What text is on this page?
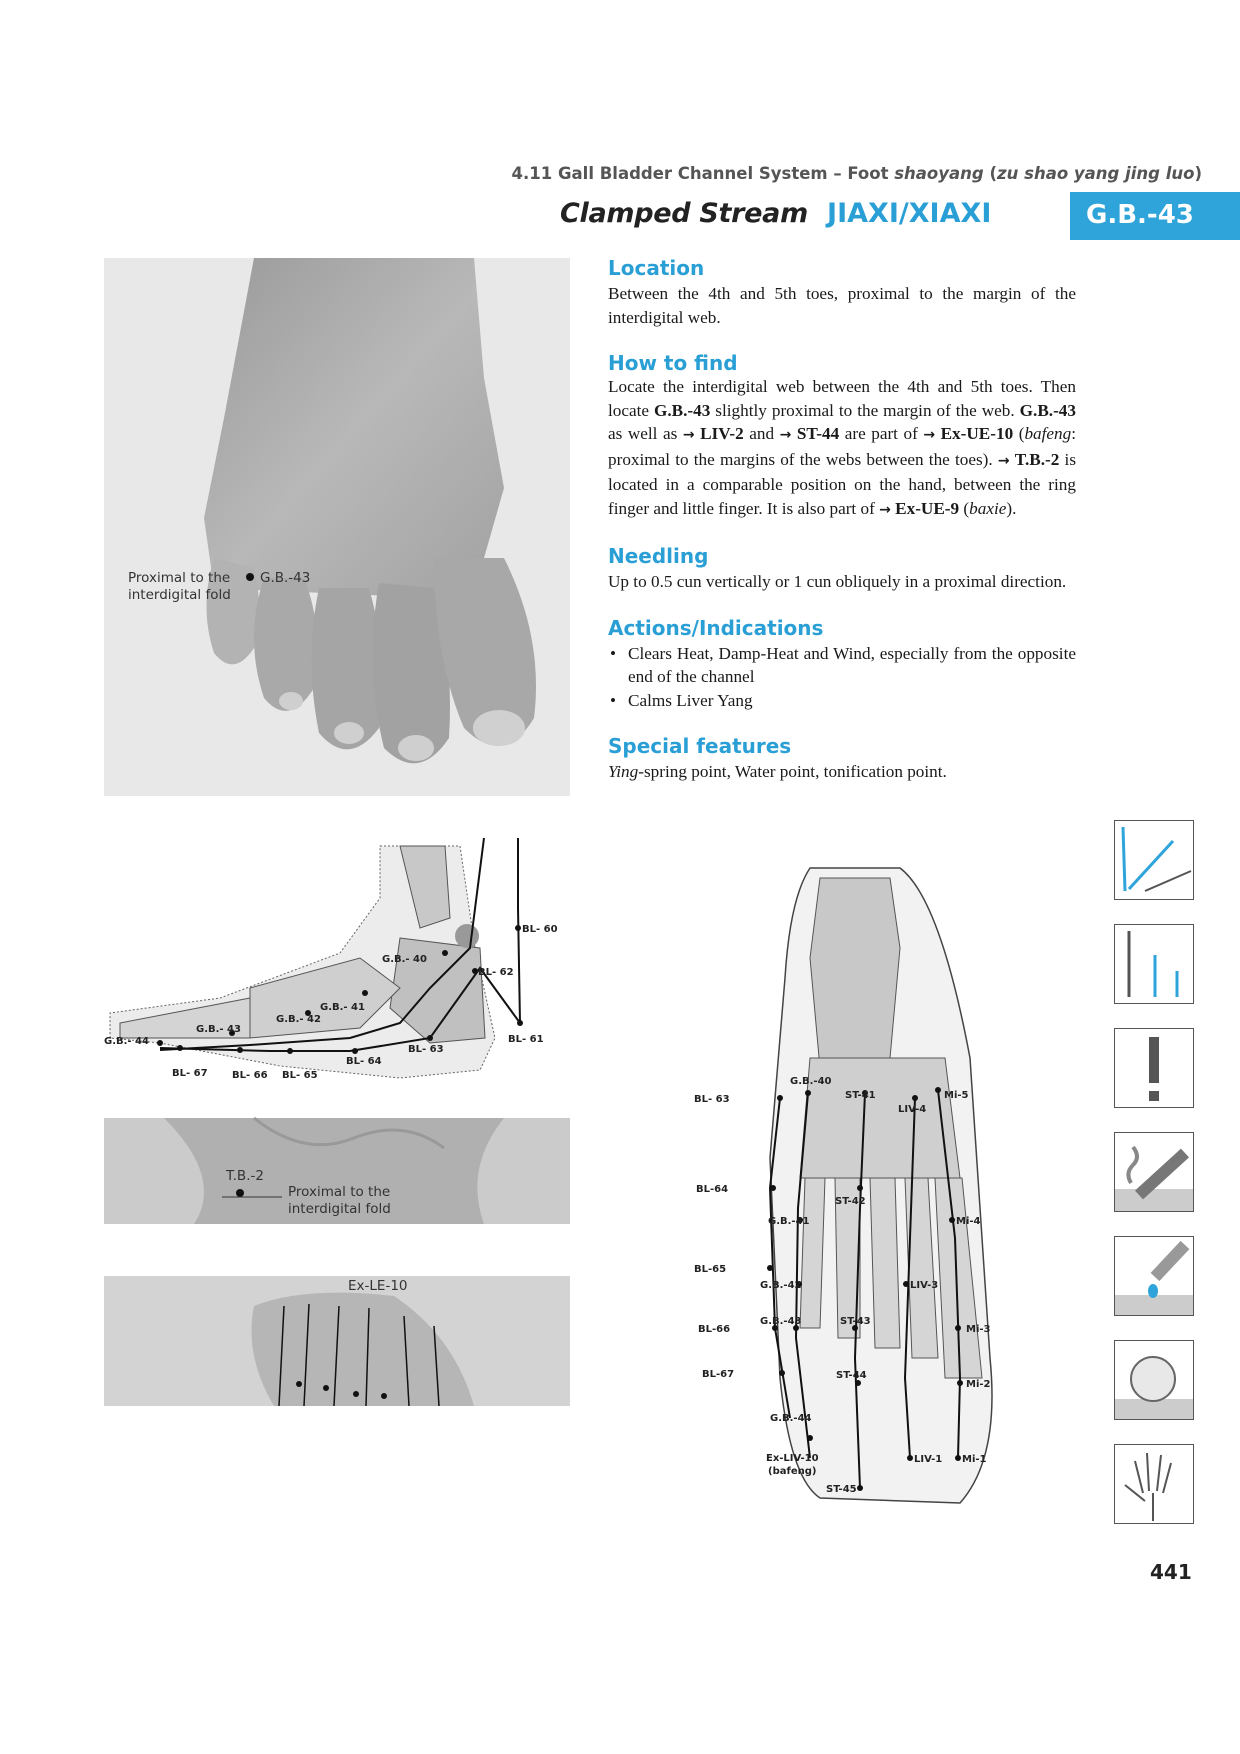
4.11 Gall Bladder Channel System – Foot shaoyang (zu shao yang jing luo)
Clamped Stream JIAXI/XIAXI	G.B.-43
Location
Between the 4th and 5th toes, proximal to the margin of the interdigital web.
How to find
Locate the interdigital web between the 4th and 5th toes. Then locate G.B.-43 slightly proximal to the margin of the web. G.B.-43 as well as → LIV-2 and → ST-44 are part of → Ex-UE-10 (bafeng: proximal to the margins of the webs between the toes). → T.B.-2 is located in a comparable position on the hand, between the ring finger and little finger. It is also part of → Ex-UE-9 (baxie).
Needling
Up to 0.5 cun vertically or 1 cun obliquely in a proximal direction.
Actions/Indications
• Clears Heat, Damp-Heat and Wind, especially from the opposite end of the channel
• Calms Liver Yang
Special features
Ying-spring point, Water point, tonification point.
Proximal to the
interdigital fold
G.B.-43
BL- 60
G.B.- 40
BL- 62
G.B.- 41
G.B.- 42
G.B.- 43
G.B.- 44
BL- 63
BL- 61
BL- 64
BL- 67 BL- 66 BL- 65
T.B.-2
Proximal to the
interdigital fold
Ex-LE-10
BL- 63
G.B.-40
ST-41
LIV-4
Mi-5
BL-64
ST-42
G.B.-41	Mi-4
BL-65
G.B.-42	LIV-3
G.B.-43	ST-43
BL-66	Mi-3
BL-67	ST-44
Mi-2
G.B.-44
Ex-LIV-10
(bafeng)
LIV-1 Mi-1
ST-45
441
